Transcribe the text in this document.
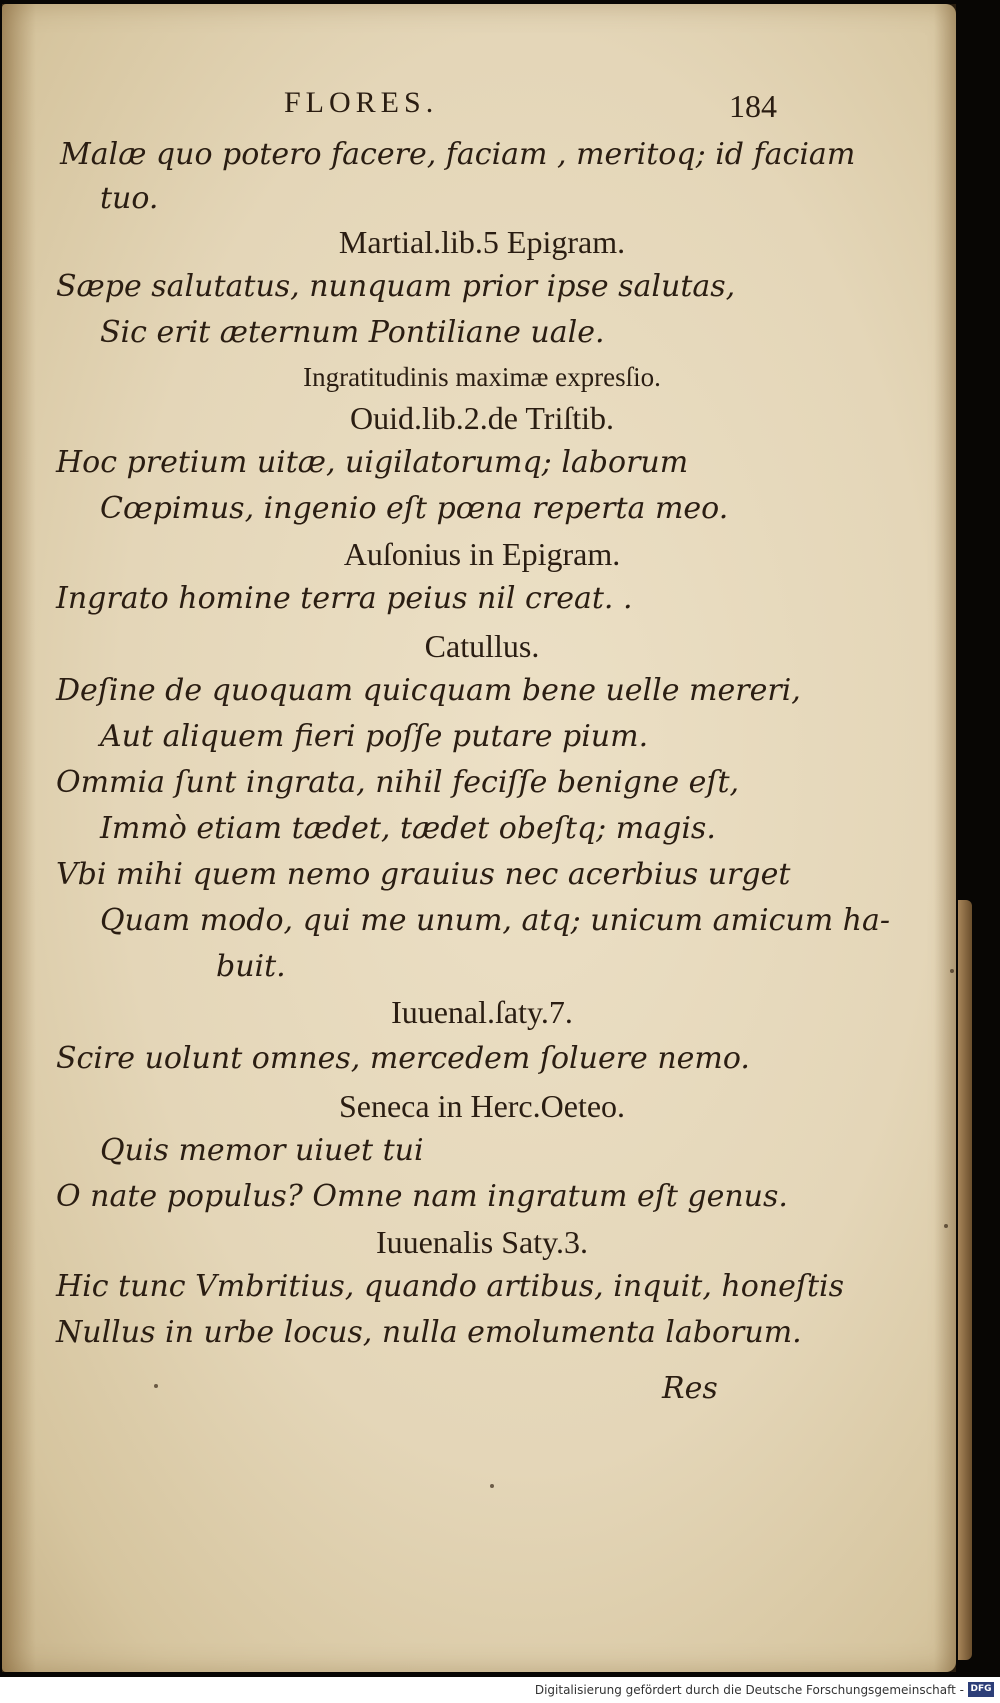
FLORES.	184
Malæ quo potero facere, faciam , meritoq; id faciam
tuo.
Martial.lib.5 Epigram.
Sæpe salutatus, nunquam prior ipse salutas,
Sic erit æternum Pontiliane uale.
Ingratitudinis maximæ expresſio.
Ouid.lib.2.de Triſtib.
Hoc pretium uitæ, uigilatorumq; laborum
Cœpimus, ingenio eſt pœna reperta meo.
Auſonius in Epigram.
Ingrato homine terra peius nil creat. .
Catullus.
Deſine de quoquam quicquam bene uelle mereri,
Aut aliquem fieri poſſe putare pium.
Ommia ſunt ingrata, nihil feciſſe benigne eſt,
Immò etiam tædet, tædet obeſtq; magis.
Vbi mihi quem nemo grauius nec acerbius urget
Quam modo, qui me unum, atq; unicum amicum ha-
buit.
Iuuenal.ſaty.7.
Scire uolunt omnes, mercedem ſoluere nemo.
Seneca in Herc.Oeteo.
Quis memor uiuet tui
O nate populus? Omne nam ingratum eſt genus.
Iuuenalis Saty.3.
Hic tunc Vmbritius, quando artibus, inquit, honeſtis
Nullus in urbe locus, nulla emolumenta laborum.
Res
Digitalisierung gefördert durch die Deutsche Forschungsgemeinschaft - DFG
